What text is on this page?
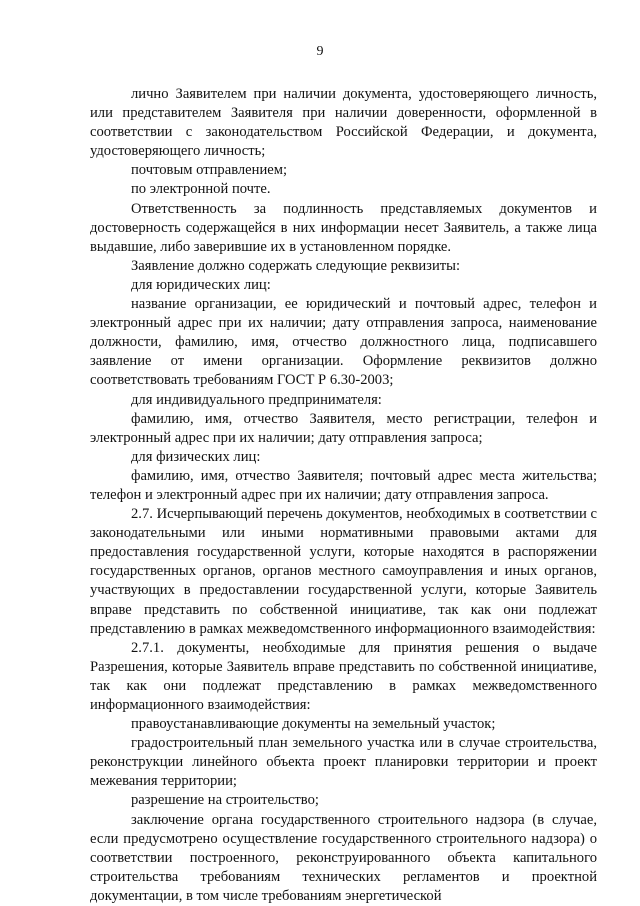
9

лично Заявителем при наличии документа, удостоверяющего личность, или представителем Заявителя при наличии доверенности, оформленной в соответствии с законодательством Российской Федерации, и документа, удостоверяющего личность;

почтовым отправлением;

по электронной почте.

Ответственность за подлинность представляемых документов и достоверность содержащейся в них информации несет Заявитель, а также лица выдавшие, либо заверившие их в установленном порядке.

Заявление должно содержать следующие реквизиты:

для юридических лиц:

название организации, ее юридический и почтовый адрес, телефон и электронный адрес при их наличии; дату отправления запроса, наименование должности, фамилию, имя, отчество должностного лица, подписавшего заявление от имени организации. Оформление реквизитов должно соответствовать требованиям ГОСТ Р 6.30-2003;

для индивидуального предпринимателя:

фамилию, имя, отчество Заявителя, место регистрации, телефон и электронный адрес при их наличии; дату отправления запроса;

для физических лиц:

фамилию, имя, отчество Заявителя; почтовый адрес места жительства; телефон и электронный адрес при их наличии; дату отправления запроса.

2.7. Исчерпывающий перечень документов, необходимых в соответствии с законодательными или иными нормативными правовыми актами для предоставления государственной услуги, которые находятся в распоряжении государственных органов, органов местного самоуправления и иных органов, участвующих в предоставлении государственной услуги, которые Заявитель вправе представить по собственной инициативе, так как они подлежат представлению в рамках межведомственного информационного взаимодействия:

2.7.1. документы, необходимые для принятия решения о выдаче Разрешения, которые Заявитель вправе представить по собственной инициативе, так как они подлежат представлению в рамках межведомственного информационного взаимодействия:

правоустанавливающие документы на земельный участок;

градостроительный план земельного участка или в случае строительства, реконструкции линейного объекта проект планировки территории и проект межевания территории;

разрешение на строительство;

заключение органа государственного строительного надзора (в случае, если предусмотрено осуществление государственного строительного надзора) о соответствии построенного, реконструированного объекта капитального строительства требованиям технических регламентов и проектной документации, в том числе требованиям энергетической
